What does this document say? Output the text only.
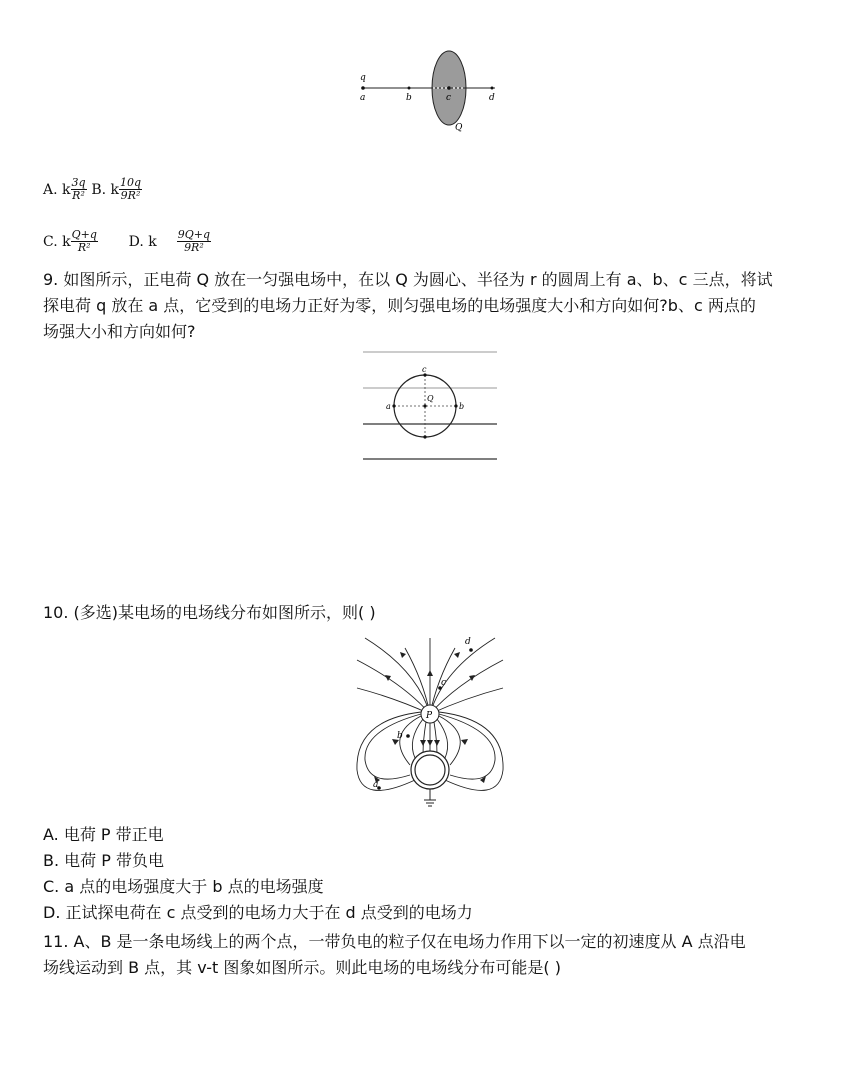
q
a	b	c	d
Q
A. k $\frac{3q}{\text{R²}} B$. k $\frac{10q}{\text{9R²}}$
C. k $\frac{Q+q}{\text{R²}} D$. k $\frac{9Q+q}{\text{9R²}}$
9. 如图所示，正电荷 Q 放在一匀强电场中，在以 Q 为圆心、半径为 r 的圆周上有 a、b、c 三点，将试
探电荷 q 放在 a 点，它受到的电场力正好为零，则匀强电场的电场强度大小和方向如何?b、c 两点的
场强大小和方向如何?
c
a
Q
b
10. (多选)某电场的电场线分布如图所示，则( )
P
d
c
b
a
A. 电荷 P 带正电
B. 电荷 P 带负电
C. a 点的电场强度大于 b 点的电场强度
D. 正试探电荷在 c 点受到的电场力大于在 d 点受到的电场力
11. A、B 是一条电场线上的两个点，一带负电的粒子仅在电场力作用下以一定的初速度从 A 点沿电
场线运动到 B 点，其 v-t 图象如图所示。则此电场的电场线分布可能是( )
